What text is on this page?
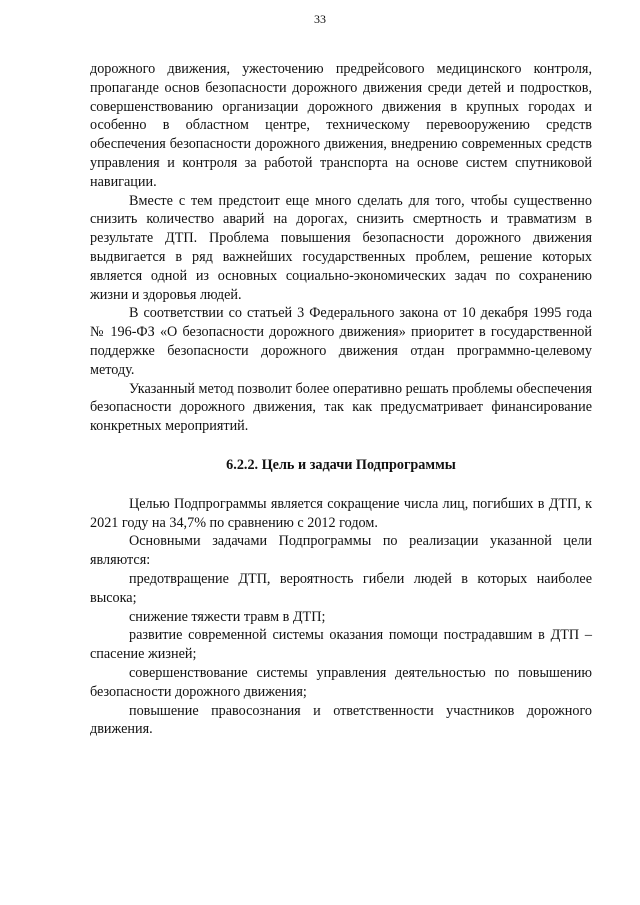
33

дорожного движения, ужесточению предрейсового медицинского контроля, пропаганде основ безопасности дорожного движения среди детей и подростков, совершенствованию организации дорожного движения в крупных городах и особенно в областном центре, техническому перевооружению средств обеспечения безопасности дорожного движения, внедрению современных средств управления и контроля за работой транспорта на основе систем спутниковой навигации.

Вместе с тем предстоит еще много сделать для того, чтобы существенно снизить количество аварий на дорогах, снизить смертность и травматизм в результате ДТП. Проблема повышения безопасности дорожного движения выдвигается в ряд важнейших государственных проблем, решение которых является одной из основных социально-экономических задач по сохранению жизни и здоровья людей.

В соответствии со статьей 3 Федерального закона от 10 декабря 1995 года № 196-ФЗ «О безопасности дорожного движения» приоритет в государственной поддержке безопасности дорожного движения отдан программно-целевому методу.

Указанный метод позволит более оперативно решать проблемы обеспечения безопасности дорожного движения, так как предусматривает финансирование конкретных мероприятий.

6.2.2. Цель и задачи Подпрограммы

Целью Подпрограммы является сокращение числа лиц, погибших в ДТП, к 2021 году на 34,7% по сравнению с 2012 годом.

Основными задачами Подпрограммы по реализации указанной цели являются:

предотвращение ДТП, вероятность гибели людей в которых наиболее высока;

снижение тяжести травм в ДТП;

развитие современной системы оказания помощи пострадавшим в ДТП – спасение жизней;

совершенствование системы управления деятельностью по повышению безопасности дорожного движения;

повышение правосознания и ответственности участников дорожного движения.
